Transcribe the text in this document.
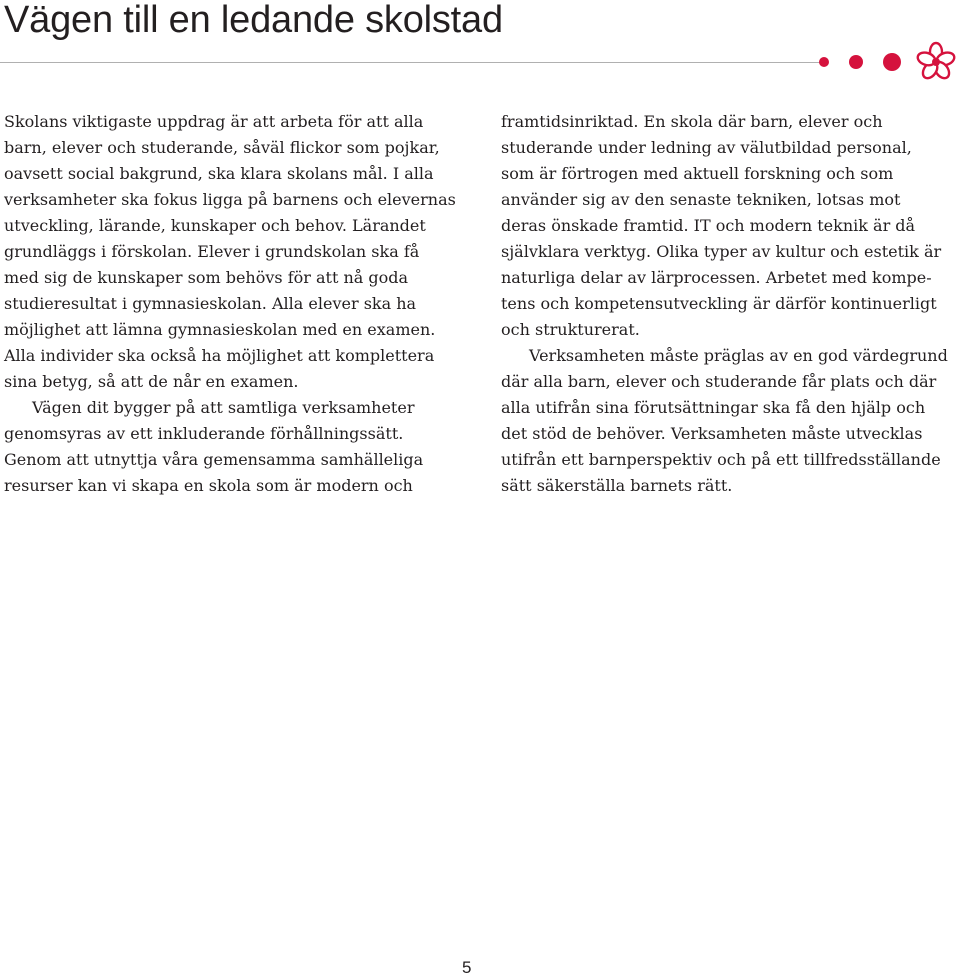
Vägen till en ledande skolstad

Skolans viktigaste uppdrag är att arbeta för att alla
barn, elever och studerande, såväl flickor som pojkar,
oavsett social bakgrund, ska klara skolans mål. I alla
verksamheter ska fokus ligga på barnens och elevernas
utveckling, lärande, kunskaper och behov. Lärandet
grundläggs i förskolan. Elever i grundskolan ska få
med sig de kunskaper som behövs för att nå goda
studieresultat i gymnasieskolan. Alla elever ska ha
möjlighet att lämna gymnasieskolan med en examen.
Alla individer ska också ha möjlighet att komplettera
sina betyg, så att de når en examen.

Vägen dit bygger på att samtliga verksamheter
genomsyras av ett inkluderande förhållningssätt.
Genom att utnyttja våra gemensamma samhälleliga
resurser kan vi skapa en skola som är modern och

framtidsinriktad. En skola där barn, elever och
studerande under ledning av välutbildad personal,
som är förtrogen med aktuell forskning och som
använder sig av den senaste tekniken, lotsas mot
deras önskade framtid. IT och modern teknik är då
självklara verktyg. Olika typer av kultur och estetik är
naturliga delar av lärprocessen. Arbetet med kompe-
tens och kompetensutveckling är därför kontinuerligt
och strukturerat.

Verksamheten måste präglas av en god värdegrund
där alla barn, elever och studerande får plats och där
alla utifrån sina förutsättningar ska få den hjälp och
det stöd de behöver. Verksamheten måste utvecklas
utifrån ett barnperspektiv och på ett tillfredsställande
sätt säkerställa barnets rätt.

5
